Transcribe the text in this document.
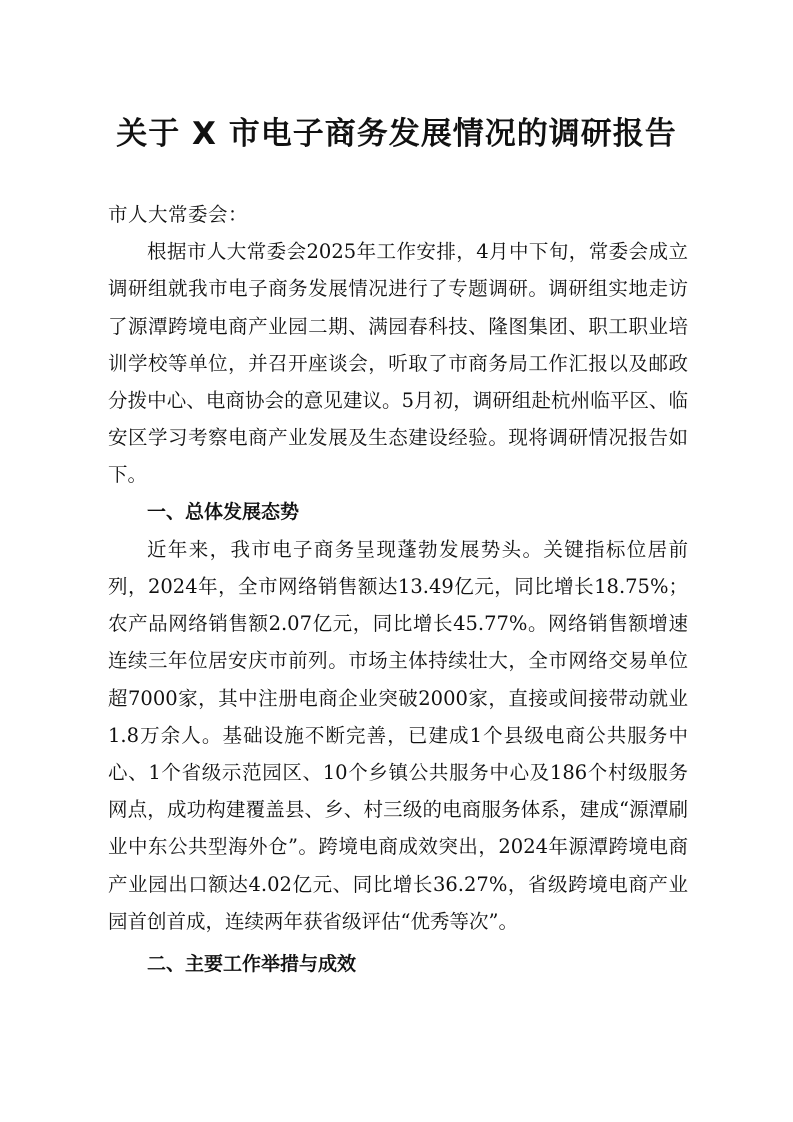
关于 X 市电子商务发展情况的调研报告

市人大常委会：

根据市人大常委会2025年工作安排，4月中下旬，常委会成立调研组就我市电子商务发展情况进行了专题调研。调研组实地走访了源潭跨境电商产业园二期、满园春科技、隆图集团、职工职业培训学校等单位，并召开座谈会，听取了市商务局工作汇报以及邮政分拨中心、电商协会的意见建议。5月初，调研组赴杭州临平区、临安区学习考察电商产业发展及生态建设经验。现将调研情况报告如下。

一、总体发展态势

近年来，我市电子商务呈现蓬勃发展势头。关键指标位居前列，2024年，全市网络销售额达13.49亿元，同比增长18.75%；农产品网络销售额2.07亿元，同比增长45.77%。网络销售额增速连续三年位居安庆市前列。市场主体持续壮大，全市网络交易单位超7000家，其中注册电商企业突破2000家，直接或间接带动就业1.8万余人。基础设施不断完善，已建成1个县级电商公共服务中心、1个省级示范园区、10个乡镇公共服务中心及186个村级服务网点，成功构建覆盖县、乡、村三级的电商服务体系，建成“源潭刷业中东公共型海外仓”。跨境电商成效突出，2024年源潭跨境电商产业园出口额达4.02亿元、同比增长36.27%，省级跨境电商产业园首创首成，连续两年获省级评估“优秀等次”。

二、主要工作举措与成效
